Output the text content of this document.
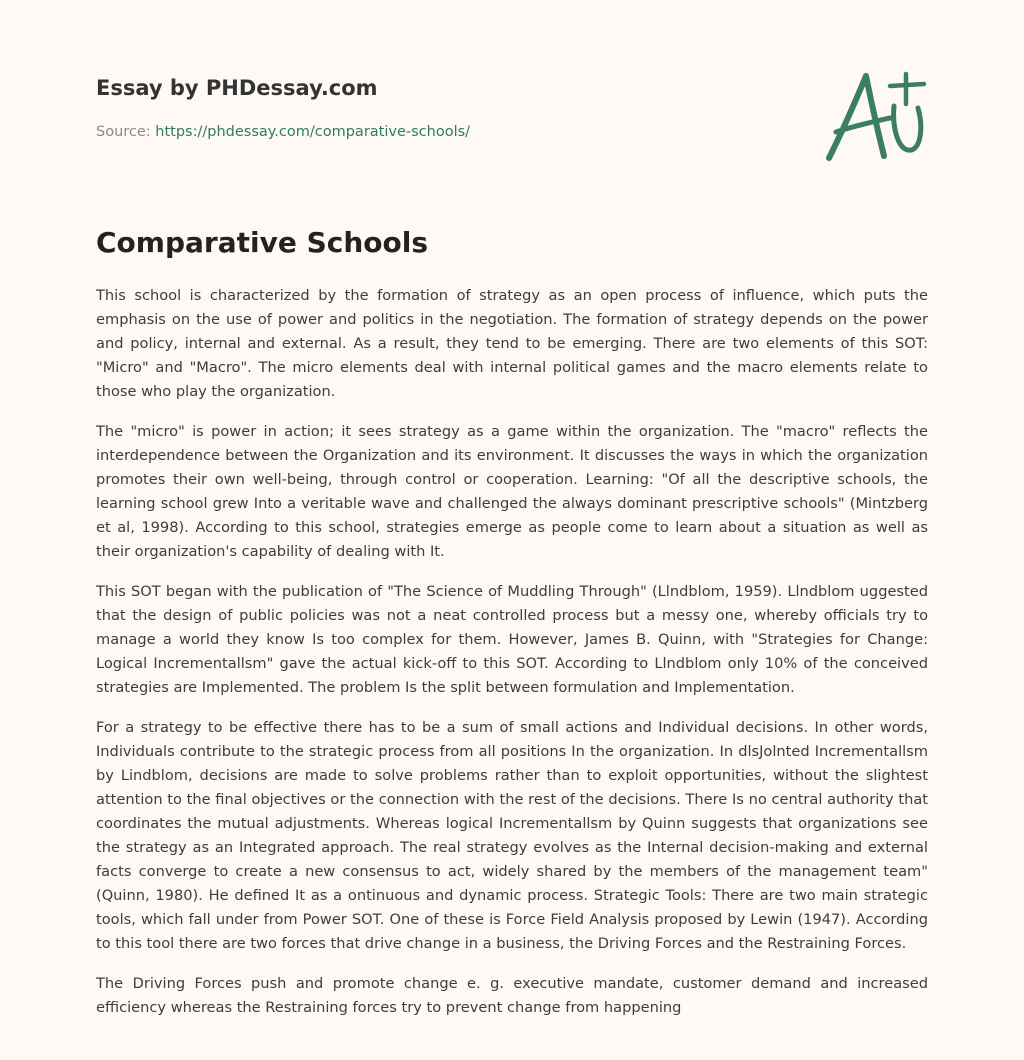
Essay by PHDessay.com

Source: https://phdessay.com/comparative-schools/

Comparative Schools

This school is characterized by the formation of strategy as an open process of influence, which puts the emphasis on the use of power and politics in the negotiation. The formation of strategy depends on the power and policy, internal and external. As a result, they tend to be emerging. There are two elements of this SOT: "Micro" and "Macro". The micro elements deal with internal political games and the macro elements relate to those who play the organization.

The "micro" is power in action; it sees strategy as a game within the organization. The "macro" reflects the interdependence between the Organization and its environment. It discusses the ways in which the organization promotes their own well-being, through control or cooperation. Learning: "Of all the descriptive schools, the learning school grew Into a veritable wave and challenged the always dominant prescriptive schools" (Mintzberg et al, 1998). According to this school, strategies emerge as people come to learn about a situation as well as their organization's capability of dealing with It.

This SOT began with the publication of "The Science of Muddling Through" (Llndblom, 1959). Llndblom uggested that the design of public policies was not a neat controlled process but a messy one, whereby officials try to manage a world they know Is too complex for them. However, James B. Quinn, with "Strategies for Change: Logical Incrementallsm" gave the actual kick-off to this SOT. According to Llndblom only 10% of the conceived strategies are Implemented. The problem Is the split between formulation and Implementation.

For a strategy to be effective there has to be a sum of small actions and Individual decisions. In other words, Individuals contribute to the strategic process from all positions In the organization. In dlsJolnted Incrementallsm by Lindblom, decisions are made to solve problems rather than to exploit opportunities, without the slightest attention to the final objectives or the connection with the rest of the decisions. There Is no central authority that coordinates the mutual adjustments. Whereas logical Incrementallsm by Quinn suggests that organizations see the strategy as an Integrated approach. The real strategy evolves as the Internal decision-making and external facts converge to create a new consensus to act, widely shared by the members of the management team" (Quinn, 1980). He defined It as a ontinuous and dynamic process. Strategic Tools: There are two main strategic tools, which fall under from Power SOT. One of these is Force Field Analysis proposed by Lewin (1947). According to this tool there are two forces that drive change in a business, the Driving Forces and the Restraining Forces.

The Driving Forces push and promote change e. g. executive mandate, customer demand and increased efficiency whereas the Restraining forces try to prevent change from happening
